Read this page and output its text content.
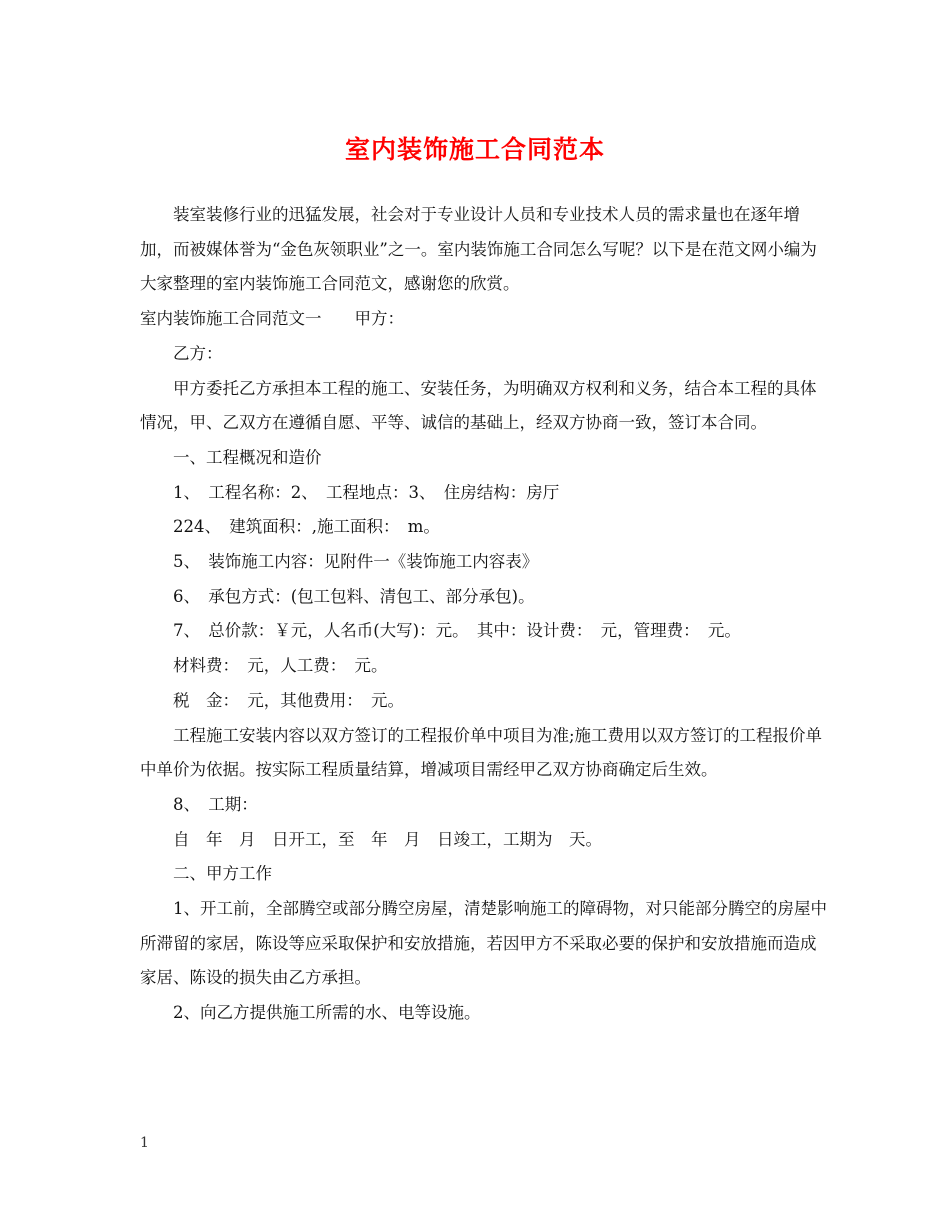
室内装饰施工合同范本

装室装修行业的迅猛发展，社会对于专业设计人员和专业技术人员的需求量也在逐年增加，而被媒体誉为“金色灰领职业”之一。室内装饰施工合同怎么写呢？以下是在范文网小编为大家整理的室内装饰施工合同范文，感谢您的欣赏。

室内装饰施工合同范文一　　甲方：

乙方：

甲方委托乙方承担本工程的施工、安装任务，为明确双方权利和义务，结合本工程的具体情况，甲、乙双方在遵循自愿、平等、诚信的基础上，经双方协商一致，签订本合同。

一、工程概况和造价

1、　工程名称：2、　工程地点：3、　住房结构：房厅

224、　建筑面积：,施工面积：　m。

5、　装饰施工内容：见附件一《装饰施工内容表》

6、　承包方式：(包工包料、清包工、部分承包)。

7、　总价款：￥元，人名币(大写)：元。　其中：设计费：　元，管理费：　元。

材料费：　元，人工费：　元。

税　金：　元，其他费用：　元。

工程施工安装内容以双方签订的工程报价单中项目为准;施工费用以双方签订的工程报价单中单价为依据。按实际工程质量结算，增减项目需经甲乙双方协商确定后生效。

8、　工期：

自　年　月　日开工，至　年　月　日竣工，工期为　天。

二、甲方工作

1、开工前，全部腾空或部分腾空房屋，清楚影响施工的障碍物，对只能部分腾空的房屋中所滞留的家居，陈设等应采取保护和安放措施，若因甲方不采取必要的保护和安放措施而造成家居、陈设的损失由乙方承担。

2、向乙方提供施工所需的水、电等设施。

1
